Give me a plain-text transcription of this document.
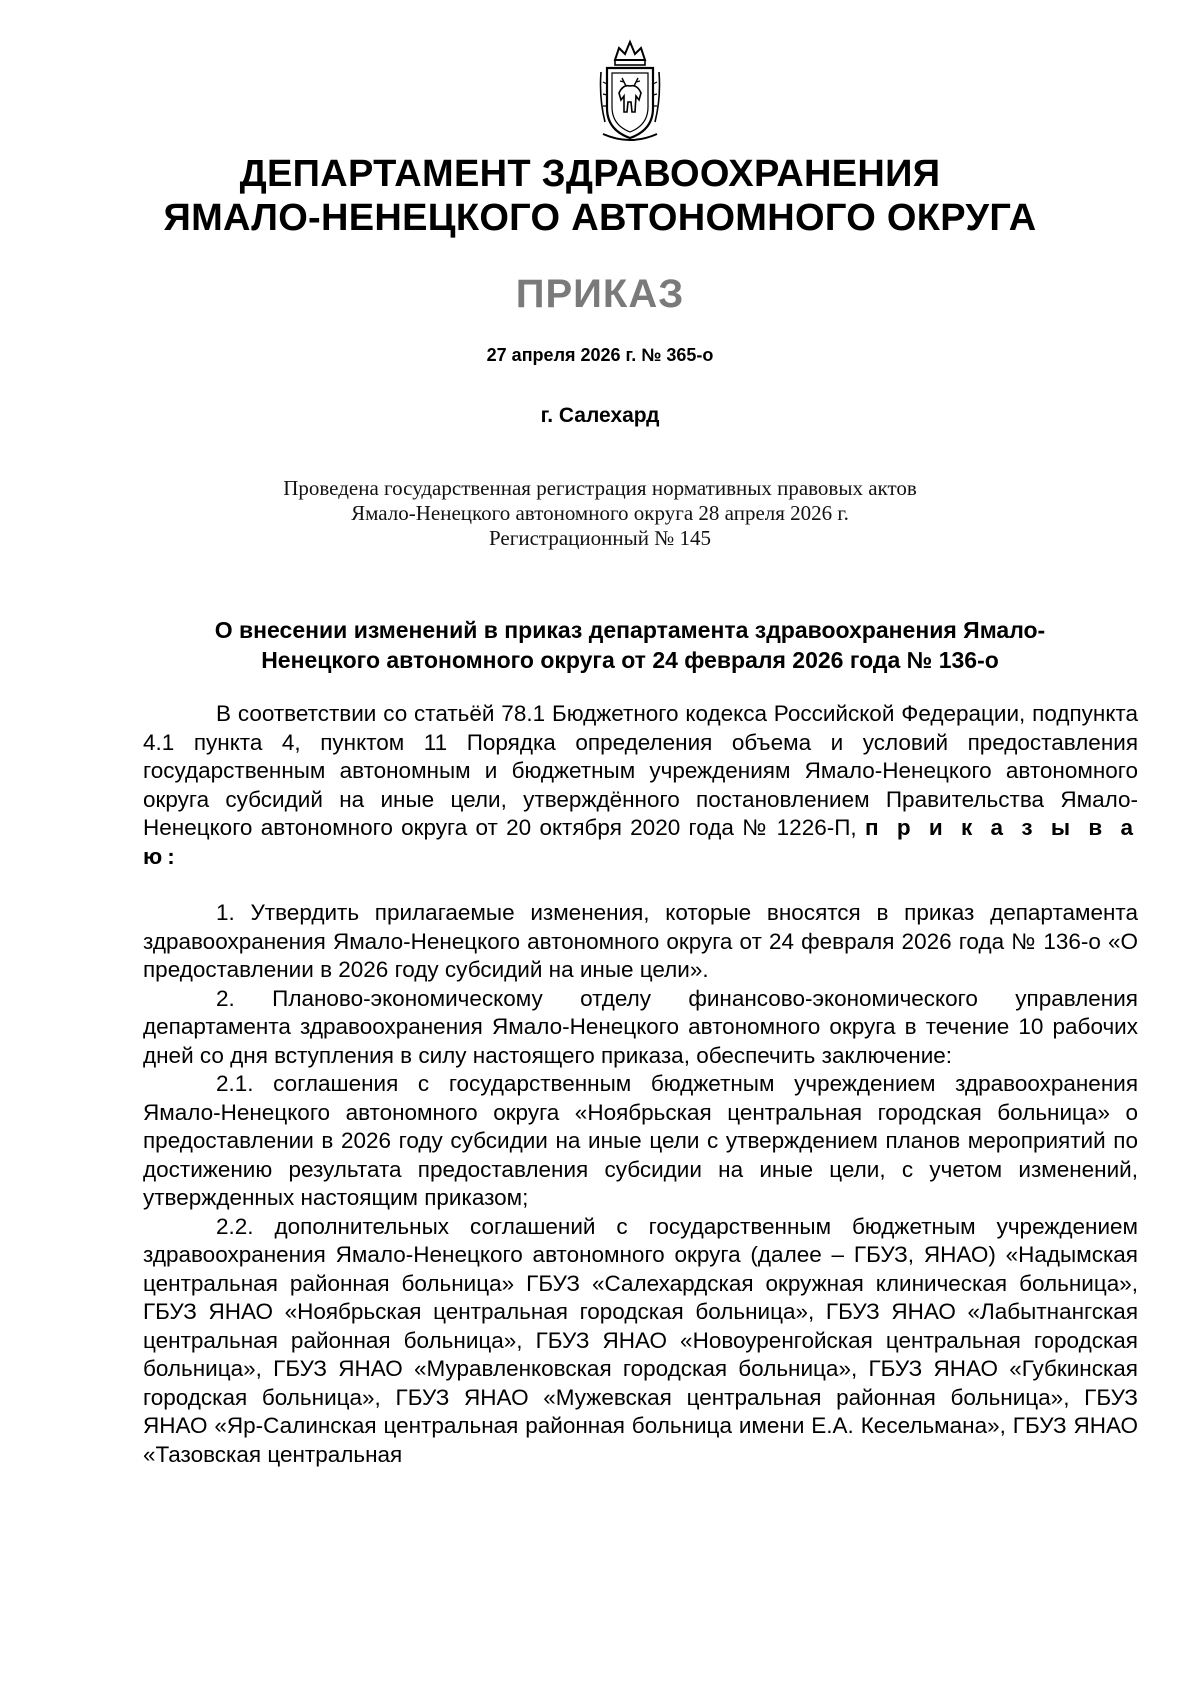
ДЕПАРТАМЕНТ ЗДРАВООХРАНЕНИЯ
ЯМАЛО-НЕНЕЦКОГО АВТОНОМНОГО ОКРУГА
ПРИКАЗ
27 апреля 2026 г. № 365-о
г. Салехард
Проведена государственная регистрация нормативных правовых актов
Ямало-Ненецкого автономного округа 28 апреля 2026 г.
Регистрационный № 145
О внесении изменений в приказ департамента здравоохранения Ямало-
Ненецкого автономного округа от 24 февраля 2026 года № 136-о

В соответствии со статьёй 78.1 Бюджетного кодекса Российской Федерации, подпункта 4.1 пункта 4, пунктом 11 Порядка определения объема и условий предоставления государственным автономным и бюджетным учреждениям Ямало-Ненецкого автономного округа субсидий на иные цели, утверждённого постановлением Правительства Ямало-Ненецкого автономного округа от 20 октября 2020 года № 1226-П, п р и к а з ы в а ю:

1. Утвердить прилагаемые изменения, которые вносятся в приказ департамента здравоохранения Ямало-Ненецкого автономного округа от 24 февраля 2026 года № 136-о «О предоставлении в 2026 году субсидий на иные цели».

2. Планово-экономическому отделу финансово-экономического управления департамента здравоохранения Ямало-Ненецкого автономного округа в течение 10 рабочих дней со дня вступления в силу настоящего приказа, обеспечить заключение:

2.1. соглашения с государственным бюджетным учреждением здравоохранения Ямало-Ненецкого автономного округа «Ноябрьская центральная городская больница» о предоставлении в 2026 году субсидии на иные цели с утверждением планов мероприятий по достижению результата предоставления субсидии на иные цели, с учетом изменений, утвержденных настоящим приказом;

2.2. дополнительных соглашений с государственным бюджетным учреждением здравоохранения Ямало-Ненецкого автономного округа (далее – ГБУЗ, ЯНАО) «Надымская центральная районная больница» ГБУЗ «Салехардская окружная клиническая больница», ГБУЗ ЯНАО «Ноябрьская центральная городская больница», ГБУЗ ЯНАО «Лабытнангская центральная районная больница», ГБУЗ ЯНАО «Новоуренгойская центральная городская больница», ГБУЗ ЯНАО «Муравленковская городская больница», ГБУЗ ЯНАО «Губкинская городская больница», ГБУЗ ЯНАО «Мужевская центральная районная больница», ГБУЗ ЯНАО «Яр-Салинская центральная районная больница имени Е.А. Кесельмана», ГБУЗ ЯНАО «Тазовская центральная
